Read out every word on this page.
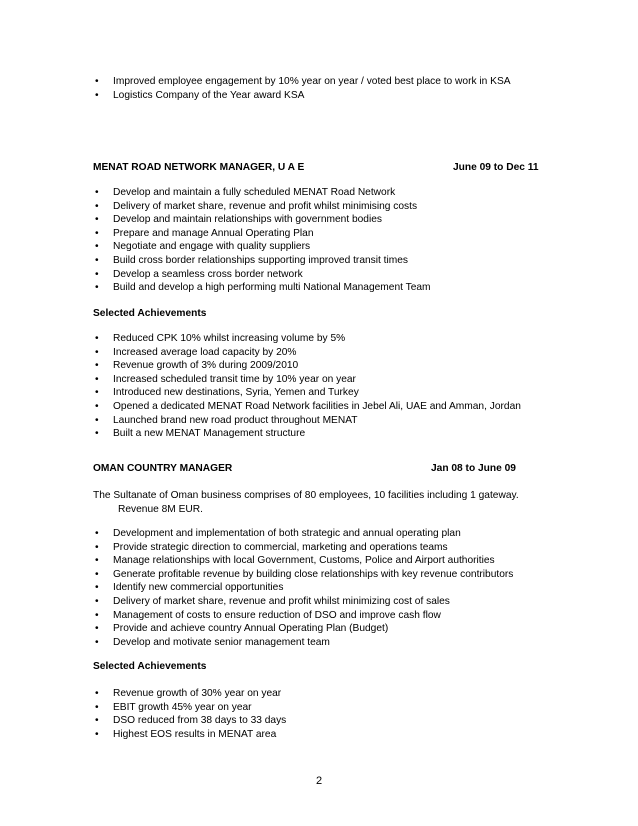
• Improved employee engagement by 10% year on year / voted best place to work in KSA
• Logistics Company of the Year award KSA
MENAT ROAD NETWORK MANAGER, U A E	June 09 to Dec 11
• Develop and maintain a fully scheduled MENAT Road Network
• Delivery of market share, revenue and profit whilst minimising costs
• Develop and maintain relationships with government bodies
• Prepare and manage Annual Operating Plan
• Negotiate and engage with quality suppliers
• Build cross border relationships supporting improved transit times
• Develop a seamless cross border network
• Build and develop a high performing multi National Management Team
Selected Achievements
• Reduced CPK 10% whilst increasing volume by 5%
• Increased average load capacity by 20%
• Revenue growth of 3% during 2009/2010
• Increased scheduled transit time by 10% year on year
• Introduced new destinations, Syria, Yemen and Turkey
• Opened a dedicated MENAT Road Network facilities in Jebel Ali, UAE and Amman, Jordan
• Launched brand new road product throughout MENAT
• Built a new MENAT Management structure
OMAN COUNTRY MANAGER	Jan 08 to June 09
The Sultanate of Oman business comprises of 80 employees, 10 facilities including 1 gateway.
Revenue 8M EUR.
• Development and implementation of both strategic and annual operating plan
• Provide strategic direction to commercial, marketing and operations teams
• Manage relationships with local Government, Customs, Police and Airport authorities
• Generate profitable revenue by building close relationships with key revenue contributors
• Identify new commercial opportunities
• Delivery of market share, revenue and profit whilst minimizing cost of sales
• Management of costs to ensure reduction of DSO and improve cash flow
• Provide and achieve country Annual Operating Plan (Budget)
• Develop and motivate senior management team
Selected Achievements
• Revenue growth of 30% year on year
• EBIT growth 45% year on year
• DSO reduced from 38 days to 33 days
• Highest EOS results in MENAT area
2
